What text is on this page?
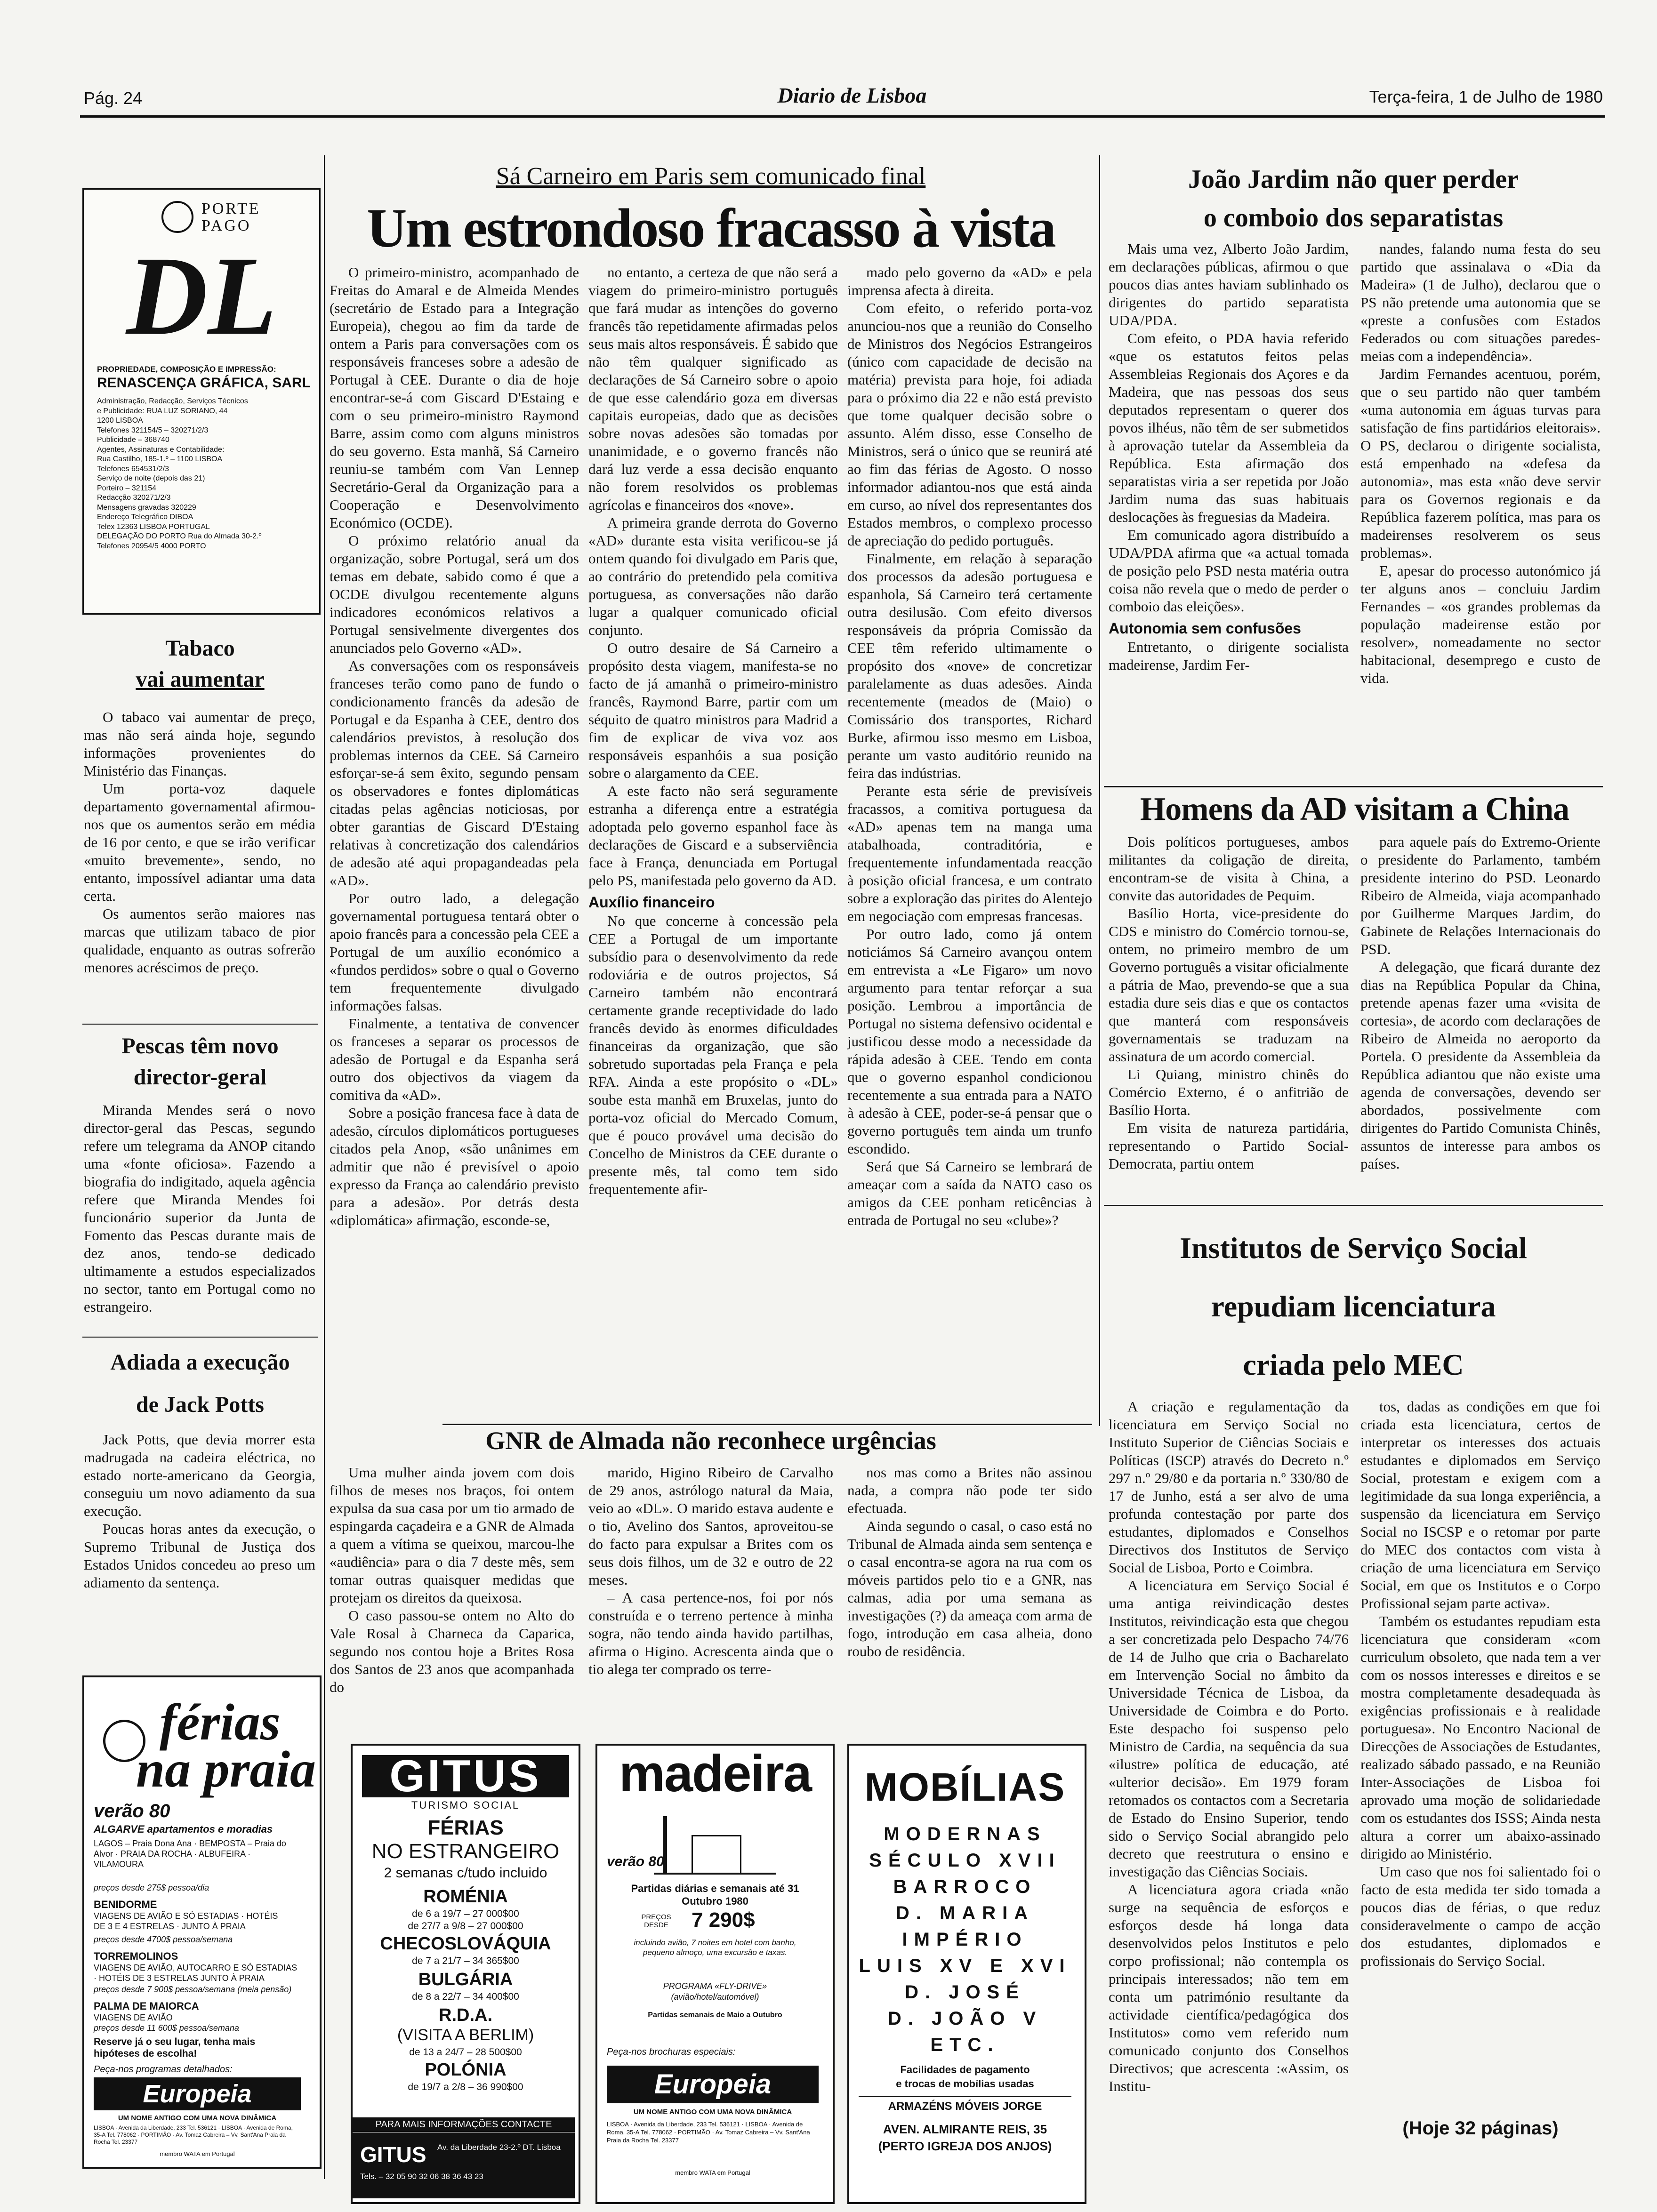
Pág. 24	Diario de Lisboa	Terça-feira, 1 de Julho de 1980
PORTE
PAGO
DL
PROPRIEDADE, COMPOSIÇÃO E IMPRESSÃO:
RENASCENÇA GRÁFICA, SARL
Administração, Redacção, Serviços Técnicos
e Publicidade: RUA LUZ SORIANO, 44
1200 LISBOA
Telefones 321154/5 – 320271/2/3
Publicidade – 368740
Agentes, Assinaturas e Contabilidade:
Rua Castilho, 185-1.º – 1100 LISBOA
Telefones 654531/2/3
Serviço de noite (depois das 21)
Porteiro – 321154
Redacção 320271/2/3
Mensagens gravadas 320229
Endereço Telegráfico DIBOA
Telex 12363 LISBOA PORTUGAL
DELEGAÇÃO DO PORTO Rua do Almada 30-2.º
Telefones 20954/5 4000 PORTO
Tabaco
vai aumentar

O tabaco vai aumentar de preço, mas não será ainda hoje, segundo informações provenientes do Ministério das Finanças.

Um porta-voz daquele departamento governamental afirmou-nos que os aumentos serão em média de 16 por cento, e que se irão verificar «muito brevemente», sendo, no entanto, impossível adiantar uma data certa.

Os aumentos serão maiores nas marcas que utilizam tabaco de pior qualidade, enquanto as outras sofrerão menores acréscimos de preço.

Pescas têm novo
director-geral

Miranda Mendes será o novo director-geral das Pescas, segundo refere um telegrama da ANOP citando uma «fonte oficiosa». Fazendo a biografia do indigitado, aquela agência refere que Miranda Mendes foi funcionário superior da Junta de Fomento das Pescas durante mais de dez anos, tendo-se dedicado ultimamente a estudos especializados no sector, tanto em Portugal como no estrangeiro.

Adiada a execução
de Jack Potts

Jack Potts, que devia morrer esta madrugada na cadeira eléctrica, no estado norte-americano da Georgia, conseguiu um novo adiamento da sua execução.

Poucas horas antes da execução, o Supremo Tribunal de Justiça dos Estados Unidos concedeu ao preso um adiamento da sentença.

férias
na praia
verão 80
ALGARVE apartamentos e moradias
LAGOS – Praia Dona Ana · BEMPOSTA – Praia do Alvor · PRAIA DA ROCHA · ALBUFEIRA · VILAMOURA
preços desde 275$ pessoa/dia
BENIDORME
VIAGENS DE AVIÃO E SÓ ESTADIAS · HOTÉIS DE 3 E 4 ESTRELAS · JUNTO À PRAIA
preços desde 4700$ pessoa/semana
TORREMOLINOS
VIAGENS DE AVIÃO, AUTOCARRO E SÓ ESTADIAS · HOTÉIS DE 3 ESTRELAS JUNTO À PRAIA
preços desde 7 900$ pessoa/semana (meia pensão)
PALMA DE MAIORCA
VIAGENS DE AVIÃO
preços desde 11 600$ pessoa/semana
Reserve já o seu lugar, tenha mais hipóteses de escolha!
Peça-nos programas detalhados:
Europeia
UM NOME ANTIGO COM UMA NOVA DINÂMICA
LISBOA · Avenida da Liberdade, 233 Tel. 536121 · LISBOA · Avenida de Roma, 35-A Tel. 778062 · PORTIMÃO · Av. Tomaz Cabreira – Vv. Sant'Ana Praia da Rocha Tel. 23377
membro WATA em Portugal
Sá Carneiro em Paris sem comunicado final
Um estrondoso fracasso à vista

O primeiro-ministro, acompanhado de Freitas do Amaral e de Almeida Mendes (secretário de Estado para a Integração Europeia), chegou ao fim da tarde de ontem a Paris para conversações com os responsáveis franceses sobre a adesão de Portugal à CEE. Durante o dia de hoje encontrar-se-á com Giscard D'Estaing e com o seu primeiro-ministro Raymond Barre, assim como com alguns ministros do seu governo. Esta manhã, Sá Carneiro reuniu-se também com Van Lennep Secretário-Geral da Organização para a Cooperação e Desenvolvimento Económico (OCDE).

O próximo relatório anual da organização, sobre Portugal, será um dos temas em debate, sabido como é que a OCDE divulgou recentemente alguns indicadores económicos relativos a Portugal sensivelmente divergentes dos anunciados pelo Governo «AD».

As conversações com os responsáveis franceses terão como pano de fundo o condicionamento francês da adesão de Portugal e da Espanha à CEE, dentro dos calendários previstos, à resolução dos problemas internos da CEE. Sá Carneiro esforçar-se-á sem êxito, segundo pensam os observadores e fontes diplomáticas citadas pelas agências noticiosas, por obter garantias de Giscard D'Estaing relativas à concretização dos calendários de adesão até aqui propagandeadas pela «AD».

Por outro lado, a delegação governamental portuguesa tentará obter o apoio francês para a concessão pela CEE a Portugal de um auxílio económico a «fundos perdidos» sobre o qual o Governo tem frequentemente divulgado informações falsas.

Finalmente, a tentativa de convencer os franceses a separar os processos de adesão de Portugal e da Espanha será outro dos objectivos da viagem da comitiva da «AD».

Sobre a posição francesa face à data de adesão, círculos diplomáticos portugueses citados pela Anop, «são unânimes em admitir que não é previsível o apoio expresso da França ao calendário previsto para a adesão». Por detrás desta «diplomática» afirmação, esconde-se,

no entanto, a certeza de que não será a viagem do primeiro-ministro português que fará mudar as intenções do governo francês tão repetidamente afirmadas pelos seus mais altos responsáveis. É sabido que não têm qualquer significado as declarações de Sá Carneiro sobre o apoio de que esse calendário goza em diversas capitais europeias, dado que as decisões sobre novas adesões são tomadas por unanimidade, e o governo francês não dará luz verde a essa decisão enquanto não forem resolvidos os problemas agrícolas e financeiros dos «nove».

A primeira grande derrota do Governo «AD» durante esta visita verificou-se já ontem quando foi divulgado em Paris que, ao contrário do pretendido pela comitiva portuguesa, as conversações não darão lugar a qualquer comunicado oficial conjunto.

O outro desaire de Sá Carneiro a propósito desta viagem, manifesta-se no facto de já amanhã o primeiro-ministro francês, Raymond Barre, partir com um séquito de quatro ministros para Madrid a fim de explicar de viva voz aos responsáveis espanhóis a sua posição sobre o alargamento da CEE.

A este facto não será seguramente estranha a diferença entre a estratégia adoptada pelo governo espanhol face às declarações de Giscard e a subserviência face à França, denunciada em Portugal pelo PS, manifestada pelo governo da AD.

Auxílio financeiro

No que concerne à concessão pela CEE a Portugal de um importante subsídio para o desenvolvimento da rede rodoviária e de outros projectos, Sá Carneiro também não encontrará certamente grande receptividade do lado francês devido às enormes dificuldades financeiras da organização, que são sobretudo suportadas pela França e pela RFA. Ainda a este propósito o «DL» soube esta manhã em Bruxelas, junto do porta-voz oficial do Mercado Comum, que é pouco provável uma decisão do Concelho de Ministros da CEE durante o presente mês, tal como tem sido frequentemente afir-

mado pelo governo da «AD» e pela imprensa afecta à direita.

Com efeito, o referido porta-voz anunciou-nos que a reunião do Conselho de Ministros dos Negócios Estrangeiros (único com capacidade de decisão na matéria) prevista para hoje, foi adiada para o próximo dia 22 e não está previsto que tome qualquer decisão sobre o assunto. Além disso, esse Conselho de Ministros, será o único que se reunirá até ao fim das férias de Agosto. O nosso informador adiantou-nos que está ainda em curso, ao nível dos representantes dos Estados membros, o complexo processo de apreciação do pedido português.

Finalmente, em relação à separação dos processos da adesão portuguesa e espanhola, Sá Carneiro terá certamente outra desilusão. Com efeito diversos responsáveis da própria Comissão da CEE têm referido ultimamente o propósito dos «nove» de concretizar paralelamente as duas adesões. Ainda recentemente (meados de (Maio) o Comissário dos transportes, Richard Burke, afirmou isso mesmo em Lisboa, perante um vasto auditório reunido na feira das indústrias.

Perante esta série de previsíveis fracassos, a comitiva portuguesa da «AD» apenas tem na manga uma atabalhoada, contraditória, e frequentemente infundamentada reacção à posição oficial francesa, e um contrato sobre a exploração das pirites do Alentejo em negociação com empresas francesas.

Por outro lado, como já ontem noticiámos Sá Carneiro avançou ontem em entrevista a «Le Figaro» um novo argumento para tentar reforçar a sua posição. Lembrou a importância de Portugal no sistema defensivo ocidental e justificou desse modo a necessidade da rápida adesão à CEE. Tendo em conta que o governo espanhol condicionou recentemente a sua entrada para a NATO à adesão à CEE, poder-se-á pensar que o governo português tem ainda um trunfo escondido.

Será que Sá Carneiro se lembrará de ameaçar com a saída da NATO caso os amigos da CEE ponham reticências à entrada de Portugal no seu «clube»?

João Jardim não quer perder
o comboio dos separatistas

Mais uma vez, Alberto João Jardim, em declarações públicas, afirmou o que poucos dias antes haviam sublinhado os dirigentes do partido separatista UDA/PDA.

Com efeito, o PDA havia referido «que os estatutos feitos pelas Assembleias Regionais dos Açores e da Madeira, que nas pessoas dos seus deputados representam o querer dos povos ilhéus, não têm de ser submetidos à aprovação tutelar da Assembleia da República. Esta afirmação dos separatistas viria a ser repetida por João Jardim numa das suas habituais deslocações às freguesias da Madeira.

Em comunicado agora distribuído a UDA/PDA afirma que «a actual tomada de posição pelo PSD nesta matéria outra coisa não revela que o medo de perder o comboio das eleições».

Autonomia sem confusões

Entretanto, o dirigente socialista madeirense, Jardim Fer-

nandes, falando numa festa do seu partido que assinalava o «Dia da Madeira» (1 de Julho), declarou que o PS não pretende uma autonomia que se «preste a confusões com Estados Federados ou com situações paredes-meias com a independência».

Jardim Fernandes acentuou, porém, que o seu partido não quer também «uma autonomia em águas turvas para satisfação de fins partidários eleitorais». O PS, declarou o dirigente socialista, está empenhado na «defesa da autonomia», mas esta «não deve servir para os Governos regionais e da República fazerem política, mas para os madeirenses resolverem os seus problemas».

E, apesar do processo autonómico já ter alguns anos – concluiu Jardim Fernandes – «os grandes problemas da população madeirense estão por resolver», nomeadamente no sector habitacional, desemprego e custo de vida.

Homens da AD visitam a China

Dois políticos portugueses, ambos militantes da coligação de direita, encontram-se de visita à China, a convite das autoridades de Pequim.

Basílio Horta, vice-presidente do CDS e ministro do Comércio tornou-se, ontem, no primeiro membro de um Governo português a visitar oficialmente a pátria de Mao, prevendo-se que a sua estadia dure seis dias e que os contactos que manterá com responsáveis governamentais se traduzam na assinatura de um acordo comercial.

Li Quiang, ministro chinês do Comércio Externo, é o anfitrião de Basílio Horta.

Em visita de natureza partidária, representando o Partido Social-Democrata, partiu ontem

para aquele país do Extremo-Oriente o presidente do Parlamento, também presidente interino do PSD. Leonardo Ribeiro de Almeida, viaja acompanhado por Guilherme Marques Jardim, do Gabinete de Relações Internacionais do PSD.

A delegação, que ficará durante dez dias na República Popular da China, pretende apenas fazer uma «visita de cortesia», de acordo com declarações de Ribeiro de Almeida no aeroporto da Portela. O presidente da Assembleia da República adiantou que não existe uma agenda de conversações, devendo ser abordados, possivelmente com dirigentes do Partido Comunista Chinês, assuntos de interesse para ambos os países.

Institutos de Serviço Social
repudiam licenciatura
criada pelo MEC

A criação e regulamentação da licenciatura em Serviço Social no Instituto Superior de Ciências Sociais e Políticas (ISCP) através do Decreto n.º 297 n.º 29/80 e da portaria n.º 330/80 de 17 de Junho, está a ser alvo de uma profunda contestação por parte dos estudantes, diplomados e Conselhos Directivos dos Institutos de Serviço Social de Lisboa, Porto e Coimbra.

A licenciatura em Serviço Social é uma antiga reivindicação destes Institutos, reivindicação esta que chegou a ser concretizada pelo Despacho 74/76 de 14 de Julho que cria o Bacharelato em Intervenção Social no âmbito da Universidade Técnica de Lisboa, da Universidade de Coimbra e do Porto. Este despacho foi suspenso pelo Ministro de Cardia, na sequência da sua «ilustre» política de educação, até «ulterior decisão». Em 1979 foram retomados os contactos com a Secretaria de Estado do Ensino Superior, tendo sido o Serviço Social abrangido pelo decreto que reestrutura o ensino e investigação das Ciências Sociais.

A licenciatura agora criada «não surge na sequência de esforços e esforços desde há longa data desenvolvidos pelos Institutos e pelo corpo profissional; não contempla os principais interessados; não tem em conta um património resultante da actividade científica/pedagógica dos Institutos» como vem referido num comunicado conjunto dos Conselhos Directivos; que acrescenta :«Assim, os Institu-

tos, dadas as condições em que foi criada esta licenciatura, certos de interpretar os interesses dos actuais estudantes e diplomados em Serviço Social, protestam e exigem com a legitimidade da sua longa experiência, a suspensão da licenciatura em Serviço Social no ISCSP e o retomar por parte do MEC dos contactos com vista à criação de uma licenciatura em Serviço Social, em que os Institutos e o Corpo Profissional sejam parte activa».

Também os estudantes repudiam esta licenciatura que consideram «com curriculum obsoleto, que nada tem a ver com os nossos interesses e direitos e se mostra completamente desadequada às exigências profissionais e à realidade portuguesa». No Encontro Nacional de Direcções de Associações de Estudantes, realizado sábado passado, e na Reunião Inter-Associações de Lisboa foi aprovado uma moção de solidariedade com os estudantes dos ISSS; Ainda nesta altura a correr um abaixo-assinado dirigido ao Ministério.

Um caso que nos foi salientado foi o facto de esta medida ter sido tomada a poucos dias de férias, o que reduz consideravelmente o campo de acção dos estudantes, diplomados e profissionais do Serviço Social.

(Hoje 32 páginas)
GNR de Almada não reconhece urgências

Uma mulher ainda jovem com dois filhos de meses nos braços, foi ontem expulsa da sua casa por um tio armado de espingarda caçadeira e a GNR de Almada a quem a vítima se queixou, marcou-lhe «audiência» para o dia 7 deste mês, sem tomar outras quaisquer medidas que protejam os direitos da queixosa.

O caso passou-se ontem no Alto do Vale Rosal à Charneca da Caparica, segundo nos contou hoje a Brites Rosa dos Santos de 23 anos que acompanhada do

marido, Higino Ribeiro de Carvalho de 29 anos, astrólogo natural da Maia, veio ao «DL». O marido estava audente e o tio, Avelino dos Santos, aproveitou-se do facto para expulsar a Brites com os seus dois filhos, um de 32 e outro de 22 meses.

– A casa pertence-nos, foi por nós construída e o terreno pertence à minha sogra, não tendo ainda havido partilhas, afirma o Higino. Acrescenta ainda que o tio alega ter comprado os terre-

nos mas como a Brites não assinou nada, a compra não pode ter sido efectuada.

Ainda segundo o casal, o caso está no Tribunal de Almada ainda sem sentença e o casal encontra-se agora na rua com os móveis partidos pelo tio e a GNR, nas calmas, adia por uma semana as investigações (?) da ameaça com arma de fogo, introdução em casa alheia, dono roubo de residência.

GITUS
TURISMO SOCIAL
FÉRIAS
NO ESTRANGEIRO
2 semanas c/tudo incluido
ROMÉNIA
de 6 a 19/7 – 27 000$00
de 27/7 a 9/8 – 27 000$00
CHECOSLOVÁQUIA
de 7 a 21/7 – 34 365$00
BULGÁRIA
de 8 a 22/7 – 34 400$00
R.D.A.
(VISITA A BERLIM)
de 13 a 24/7 – 28 500$00
POLÓNIA
de 19/7 a 2/8 – 36 990$00
PARA MAIS INFORMAÇÕES CONTACTE
GITUS Av. da Liberdade 23-2.º DT. Lisboa
Tels. – 32 05 90 32 06 38 36 43 23
madeira
verão 80
Partidas diárias e semanais até 31 Outubro 1980
PREÇOS DESDE	7 290$
incluindo avião, 7 noites em hotel com banho, pequeno almoço, uma excursão e taxas.
PROGRAMA «FLY-DRIVE» (avião/hotel/automóvel)
Partidas semanais de Maio a Outubro
Peça-nos brochuras especiais:
Europeia
UM NOME ANTIGO COM UMA NOVA DINÂMICA
LISBOA · Avenida da Liberdade, 233 Tel. 536121 · LISBOA · Avenida de Roma, 35-A Tel. 778062 · PORTIMÃO · Av. Tomaz Cabreira – Vv. Sant'Ana Praia da Rocha Tel. 23377
membro WATA em Portugal
MOBÍLIAS
MODERNAS
SÉCULO XVII
BARROCO
D. MARIA
IMPÉRIO
LUIS XV E XVI
D. JOSÉ
D. JOÃO V
ETC.
Facilidades de pagamento
e trocas de mobílias usadas
ARMAZÉNS MÓVEIS JORGE
AVEN. ALMIRANTE REIS, 35
(PERTO IGREJA DOS ANJOS)
